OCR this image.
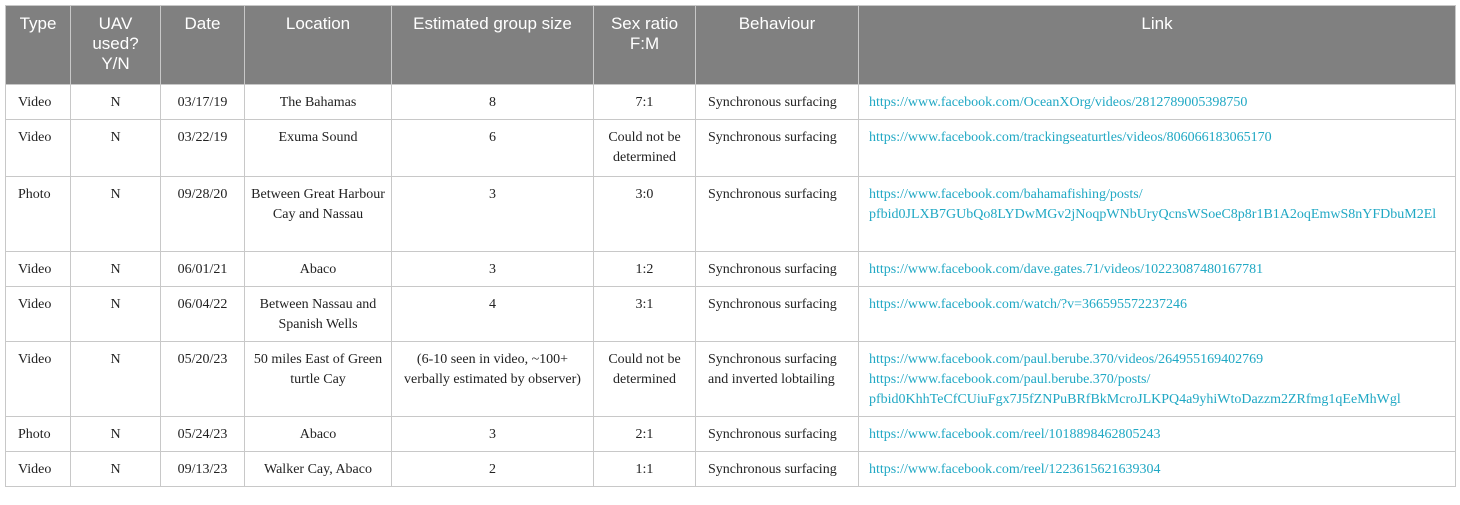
Type	UAV used? Y/N	Date	Location	Estimated group size	Sex ratio F:M	Behaviour	Link
Video	N	03/17/19	The Bahamas	8	7:1	Synchronous surfacing	https://www.facebook.com/OceanXOrg/videos/2812789005398750

Video	N	03/22/19	Exuma Sound	6	Could not be determined	Synchronous surfacing	https://www.facebook.com/trackingseaturtles/videos/806066183065170

Photo	N	09/28/20	Between Great Harbour Cay and Nassau	3	3:0	Synchronous surfacing	https://www.facebook.com/bahamafishing/posts/
pfbid0JLXB7GUbQo8LYDwMGv2jNoqpWNbUryQcnsWSoeC8p8r1B1A2oqEmwS8nYFDbuM2El

Video	N	06/01/21	Abaco	3	1:2	Synchronous surfacing	https://www.facebook.com/dave.gates.71/videos/10223087480167781

Video	N	06/04/22	Between Nassau and Spanish Wells	4	3:1	Synchronous surfacing	https://www.facebook.com/watch/?v=366595572237246

Video	N	05/20/23	50 miles East of Green turtle Cay	(6-10 seen in video, ~100+ verbally estimated by observer)	Could not be determined	Synchronous surfacing and inverted lobtailing	https://www.facebook.com/paul.berube.370/videos/264955169402769
https://www.facebook.com/paul.berube.370/posts/
pfbid0KhhTeCfCUiuFgx7J5fZNPuBRfBkMcroJLKPQ4a9yhiWtoDazzm2ZRfmg1qEeMhWgl

Photo	N	05/24/23	Abaco	3	2:1	Synchronous surfacing	https://www.facebook.com/reel/1018898462805243

Video	N	09/13/23	Walker Cay, Abaco	2	1:1	Synchronous surfacing	https://www.facebook.com/reel/1223615621639304
